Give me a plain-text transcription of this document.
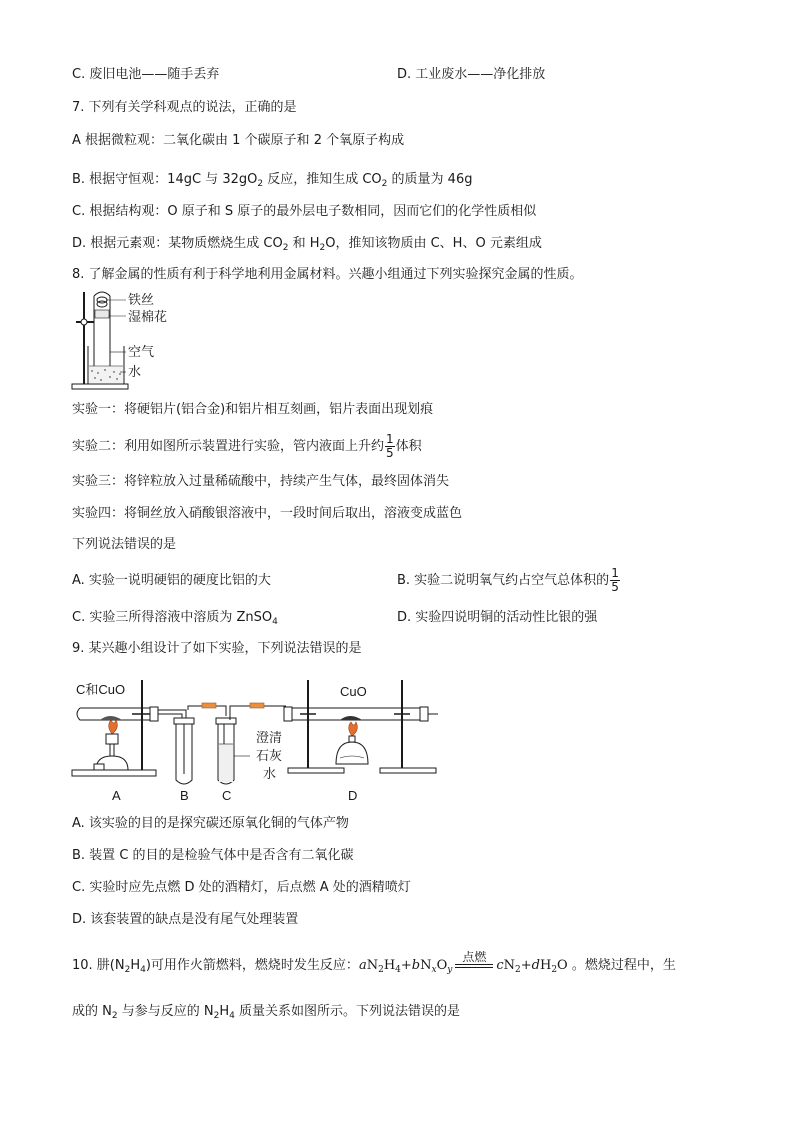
C. 废旧电池——随手丢弃	D. 工业废水——净化排放
7. 下列有关学科观点的说法，正确的是
A 根据微粒观：二氧化碳由 1 个碳原子和 2 个氧原子构成
B. 根据守恒观：14gC 与 $32gO_2$ 反应，推知生成 $CO_2$ 的质量为 46g
C. 根据结构观：O 原子和 S 原子的最外层电子数相同，因而它们的化学性质相似
D. 根据元素观：某物质燃烧生成 $CO_2$ 和 $H_2O$，推知该物质由 C、H、O 元素组成
8. 了解金属的性质有利于科学地利用金属材料。兴趣小组通过下列实验探究金属的性质。
铁丝
湿棉花
空气
水
实验一：将硬铝片(铝合金)和铝片相互刻画，铝片表面出现划痕
实验二：利用如图所示装置进行实验，管内液面上升约 $\frac{1}{5}$ 体积
实验三：将锌粒放入过量稀硫酸中，持续产生气体，最终固体消失
实验四：将铜丝放入硝酸银溶液中，一段时间后取出，溶液变成蓝色
下列说法错误的是
A. 实验一说明硬铝的硬度比铝的大	B. 实验二说明氧气约占空气总体积的 $\frac{1}{5}$
C. 实验三所得溶液中溶质为 ZnSO$_4$	D. 实验四说明铜的活动性比银的强
9. 某兴趣小组设计了如下实验，下列说法错误的是
C和CuO
澄清
石灰
水
CuO
A	B	C	D
A. 该实验的目的是探究碳还原氧化铜的气体产物
B. 装置 C 的目的是检验气体中是否含有二氧化碳
C. 实验时应先点燃 D 处的酒精灯，后点燃 A 处的酒精喷灯
D. 该套装置的缺点是没有尾气处理装置
10. 肼$(N_2H_4)$可用作火箭燃料，燃烧时发生反应：$aN_2H_4+bN_xO_y$
点燃
$cN_2+dH_2O$ 。燃烧过程中，生
成的 $N_2$ 与参与反应的 $N_2H_4$ 质量关系如图所示。下列说法错误的是
